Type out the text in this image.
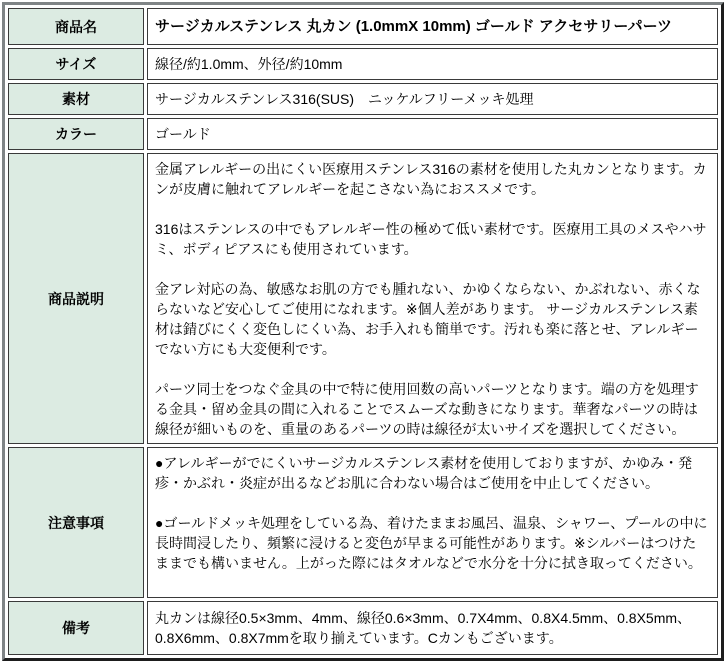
商品名	サージカルステンレス 丸カン (1.0mmX 10mm) ゴールド アクセサリーパーツ
サイズ	線径/約1.0mm、外径/約10mm
素材	サージカルステンレス316(SUS)　ニッケルフリーメッキ処理
カラー	ゴールド
商品説明	金属アレルギーの出にくい医療用ステンレス316の素材を使用した丸カンとなります。カンが皮膚に触れてアレルギーを起こさない為におススメです。

316はステンレスの中でもアレルギー性の極めて低い素材です。医療用工具のメスやハサミ、ボディピアスにも使用されています。

金アレ対応の為、敏感なお肌の方でも腫れない、かゆくならない、かぶれない、赤くならないなど安心してご使用になれます。※個人差があります。 サージカルステンレス素材は錆びにくく変色しにくい為、お手入れも簡単です。汚れも楽に落とせ、アレルギーでない方にも大変便利です。

パーツ同士をつなぐ金具の中で特に使用回数の高いパーツとなります。端の方を処理する金具・留め金具の間に入れることでスムーズな動きになります。華奢なパーツの時は線径が細いものを、重量のあるパーツの時は線径が太いサイズを選択してください。

注意事項	●アレルギーがでにくいサージカルステンレス素材を使用しておりますが、かゆみ・発疹・かぶれ・炎症が出るなどお肌に合わない場合はご使用を中止してください。

●ゴールドメッキ処理をしている為、着けたままお風呂、温泉、シャワー、プールの中に長時間浸したり、頻繁に浸けると変色が早まる可能性があります。※シルバーはつけたままでも構いません。上がった際にはタオルなどで水分を十分に拭き取ってください。

備考	丸カンは線径0.5×3mm、4mm、線径0.6×3mm、0.7X4mm、0.8X4.5mm、0.8X5mm、0.8X6mm、0.8X7mmを取り揃えています。Cカンもございます。
